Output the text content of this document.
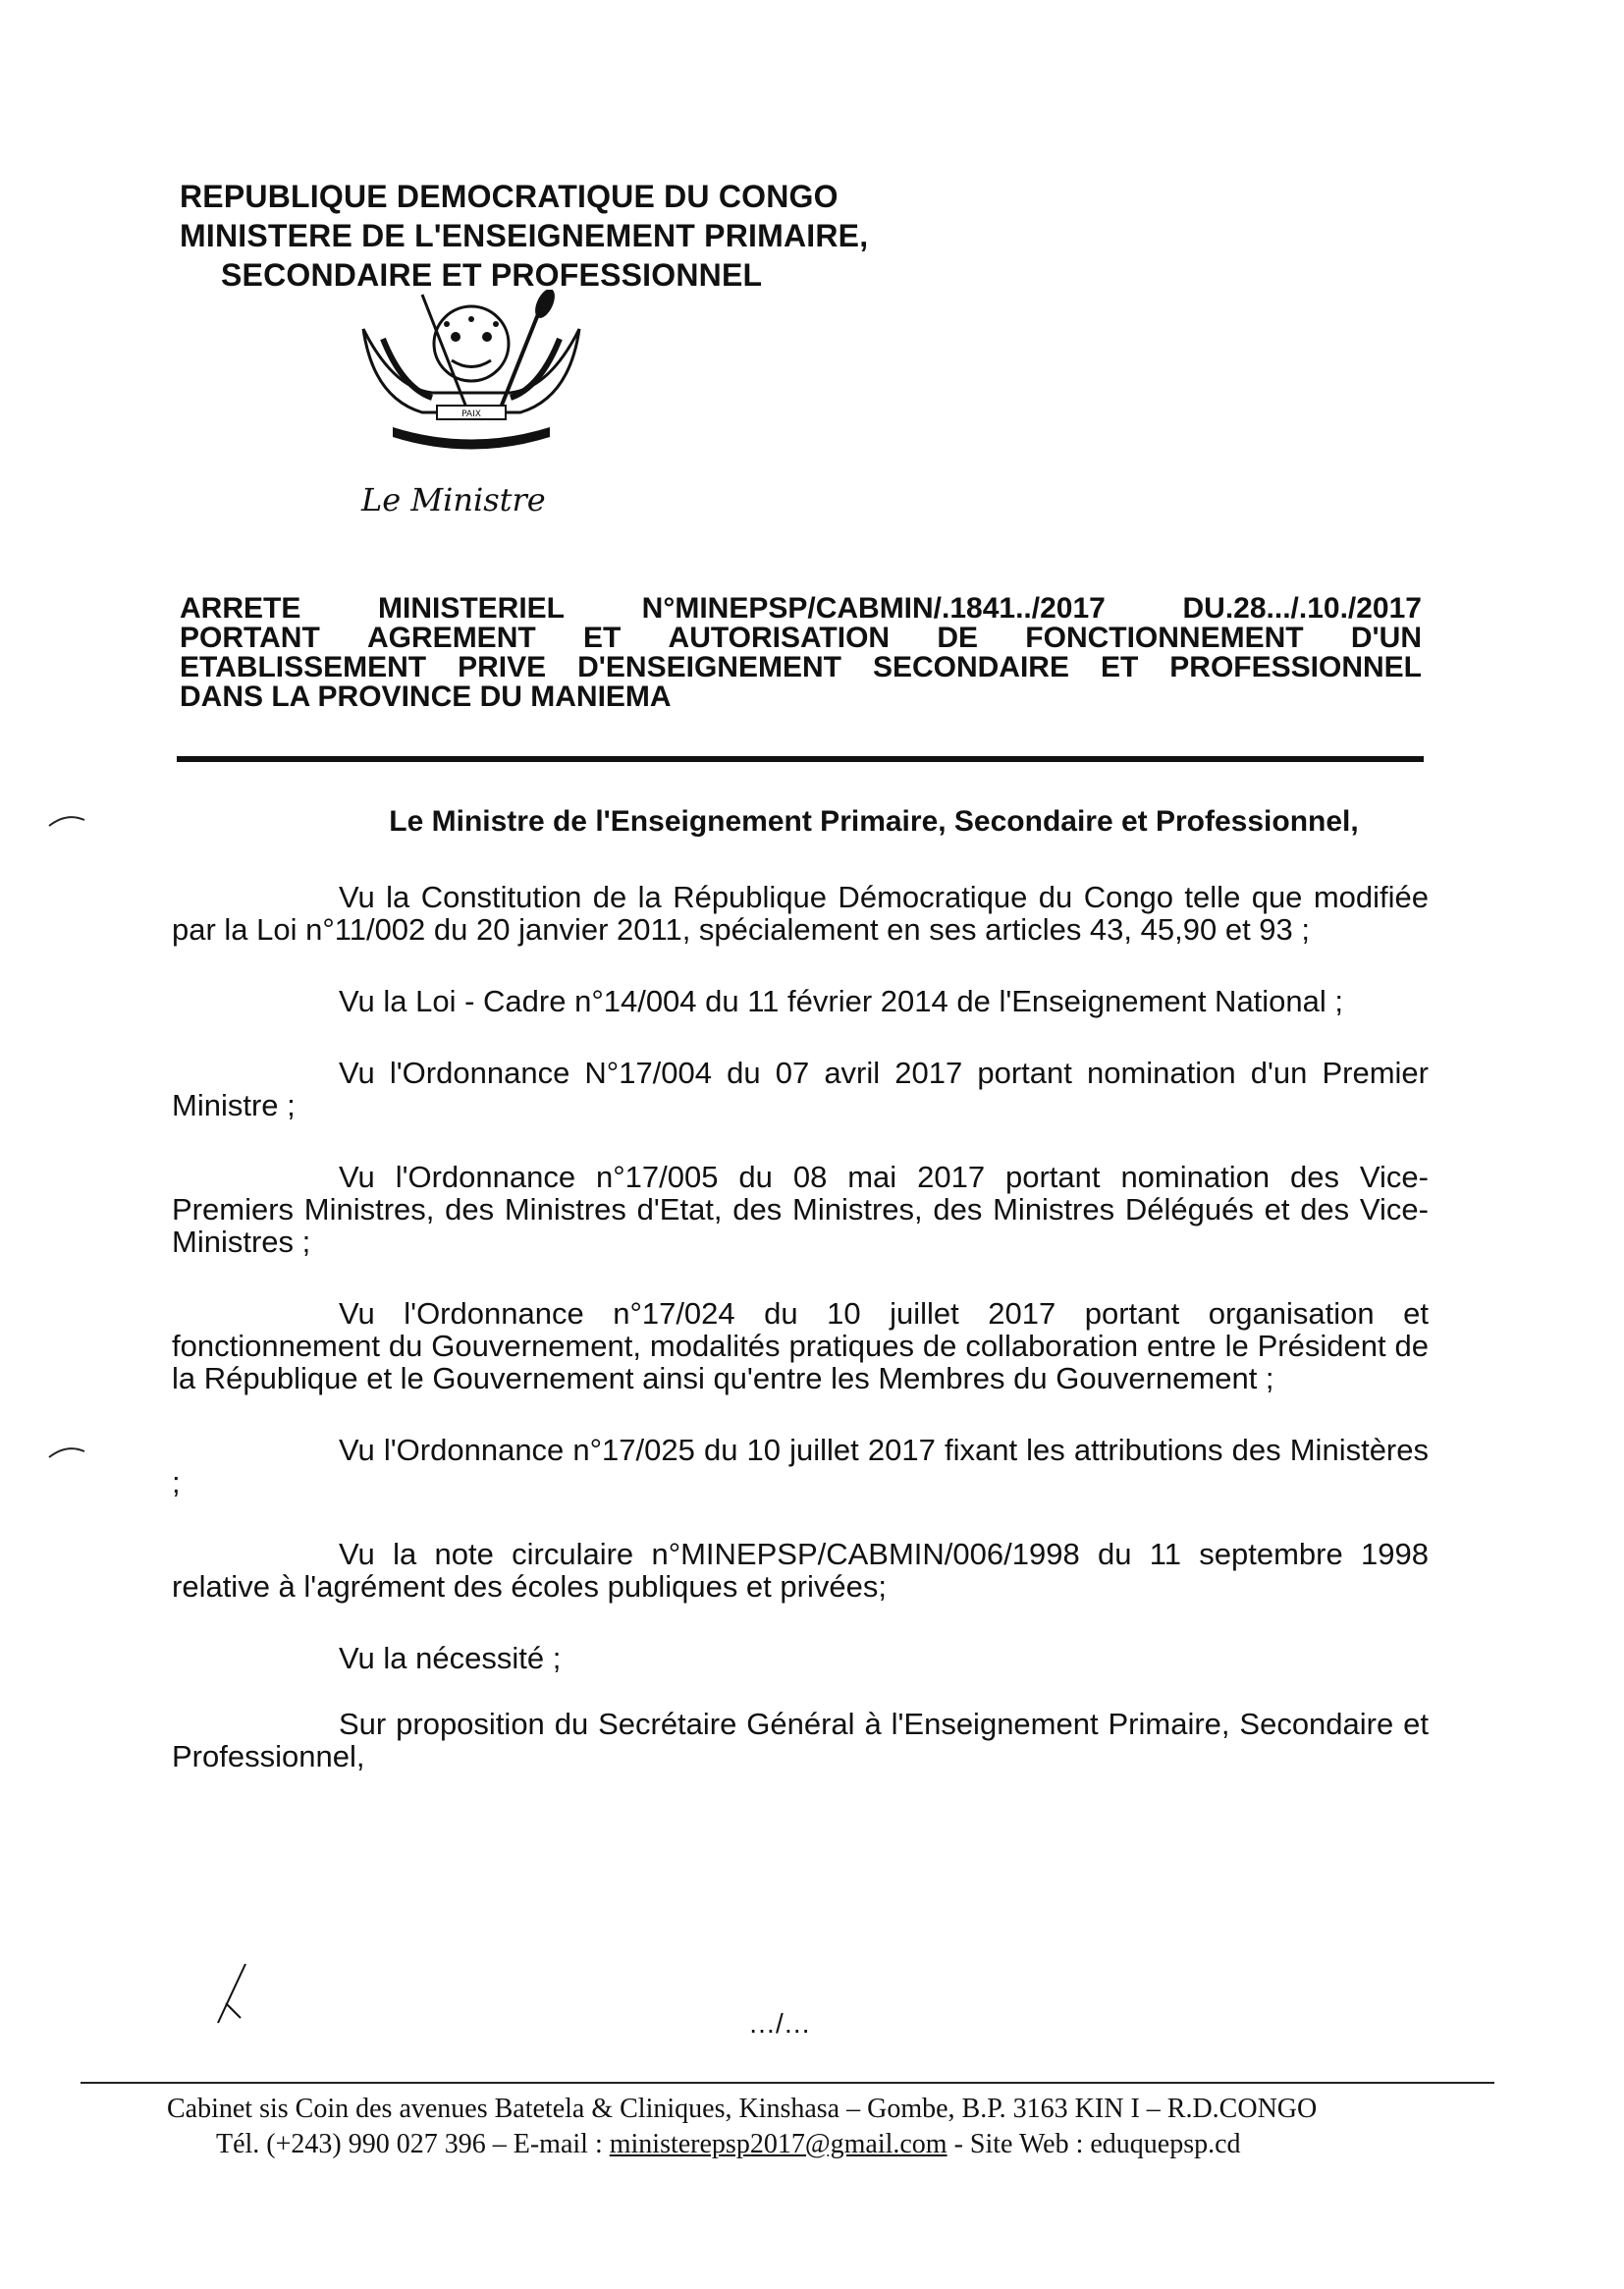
REPUBLIQUE DEMOCRATIQUE DU CONGO
MINISTERE DE L'ENSEIGNEMENT PRIMAIRE,
SECONDAIRE ET PROFESSIONNEL
PAIX
Le Ministre
ARRETE	MINISTERIEL	N°MINEPSP/CABMIN/.1841../2017	DU.28.../.10./2017
PORTANT AGREMENT ET AUTORISATION DE FONCTIONNEMENT D'UN
ETABLISSEMENT PRIVE D'ENSEIGNEMENT SECONDAIRE ET PROFESSIONNEL
DANS LA PROVINCE DU MANIEMA
Le Ministre de l'Enseignement Primaire, Secondaire et Professionnel,

Vu la Constitution de la République Démocratique du Congo telle que modifiée par la Loi n°11/002 du 20 janvier 2011, spécialement en ses articles 43, 45,90 et 93 ;

Vu la Loi - Cadre n°14/004 du 11 février 2014 de l'Enseignement National ;

Vu l'Ordonnance N°17/004 du 07 avril 2017 portant nomination d'un Premier Ministre ;

Vu l'Ordonnance n°17/005 du 08 mai 2017 portant nomination des Vice-Premiers Ministres, des Ministres d'Etat, des Ministres, des Ministres Délégués et des Vice-Ministres ;

Vu l'Ordonnance n°17/024 du 10 juillet 2017 portant organisation et fonctionnement du Gouvernement, modalités pratiques de collaboration entre le Président de la République et le Gouvernement ainsi qu'entre les Membres du Gouvernement ;

Vu l'Ordonnance n°17/025 du 10 juillet 2017 fixant les attributions des Ministères ;

Vu la note circulaire n°MINEPSP/CABMIN/006/1998 du 11 septembre 1998 relative à l'agrément des écoles publiques et privées;

Vu la nécessité ;

Sur proposition du Secrétaire Général à l'Enseignement Primaire, Secondaire et Professionnel,

…/…
Cabinet sis Coin des avenues Batetela & Cliniques, Kinshasa – Gombe, B.P. 3163 KIN I – R.D.CONGO
Tél. (+243) 990 027 396 – E-mail : ministerepsp2017@gmail.com - Site Web : eduquepsp.cd
